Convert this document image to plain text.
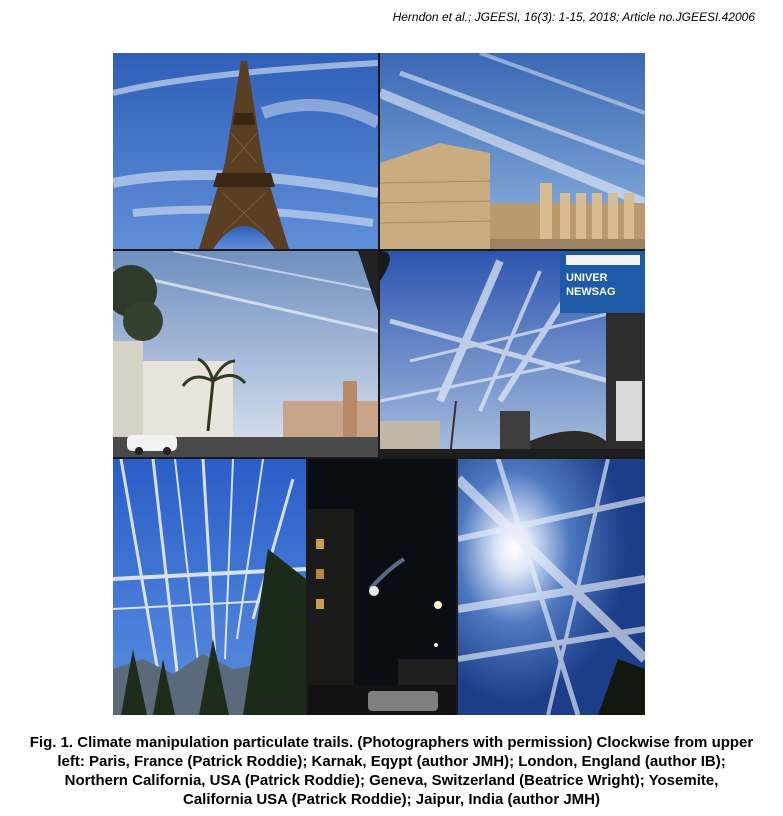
Herndon et al.; JGEESI, 16(3): 1-15, 2018; Article no.JGEESI.42006
UNIVER
NEWSAG
Fig. 1. Climate manipulation particulate trails. (Photographers with permission) Clockwise from upper left: Paris, France (Patrick Roddie); Karnak, Eqypt (author JMH); London, England (author IB); Northern California, USA (Patrick Roddie); Geneva, Switzerland (Beatrice Wright); Yosemite, California USA (Patrick Roddie); Jaipur, India (author JMH)
